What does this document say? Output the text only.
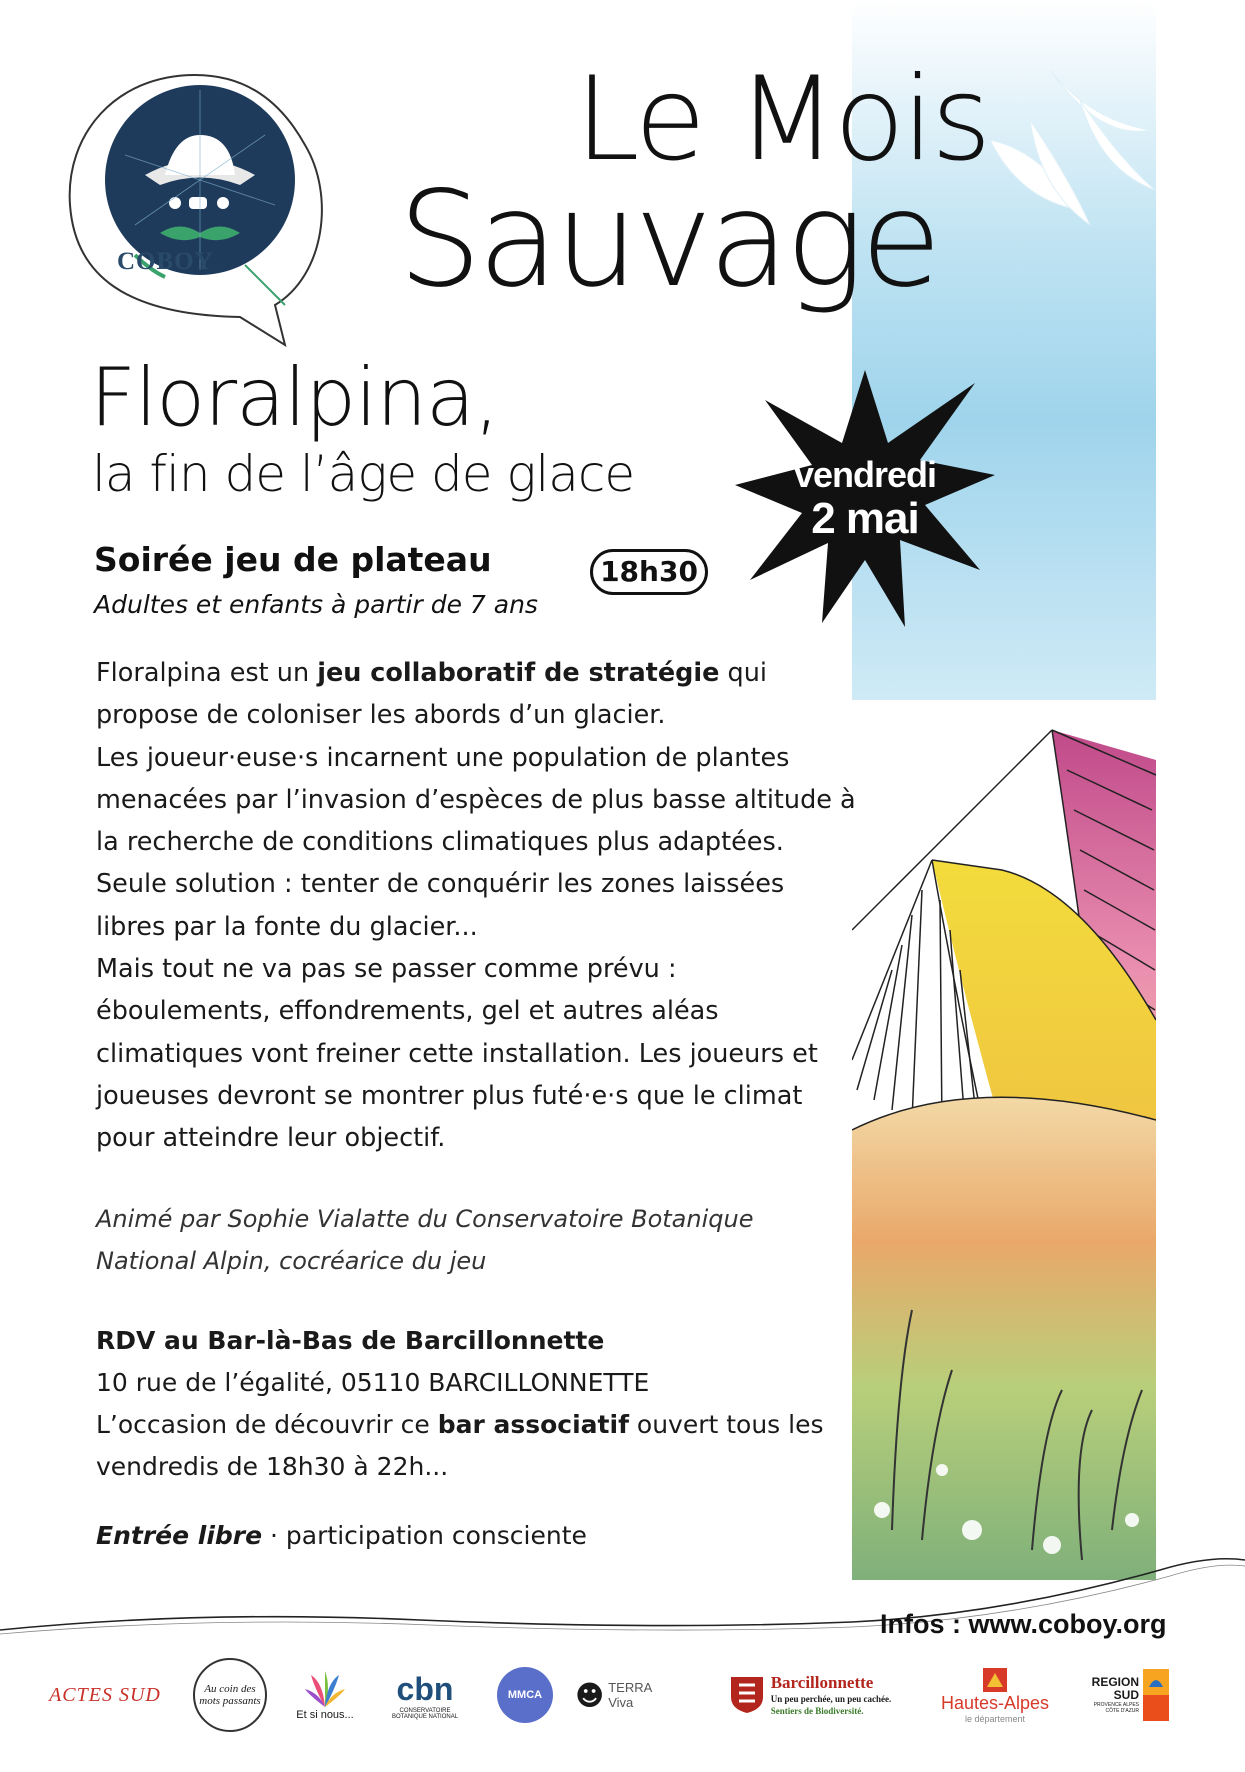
COBOY
Le Mois
Sauvage
Floralpina,
la fin de l’âge de glace	vendredi
2 mai
Soirée jeu de plateau	18h30
Adultes et enfants à partir de 7 ans

Floralpina est un jeu collaboratif de stratégie qui propose de coloniser les abords d’un glacier.

Les joueur·euse·s incarnent une population de plantes menacées par l’invasion d’espèces de plus basse altitude à la recherche de conditions climatiques plus adaptées. Seule solution : tenter de conquérir les zones laissées libres par la fonte du glacier...

Mais tout ne va pas se passer comme prévu : éboulements, effondrements, gel et autres aléas climatiques vont freiner cette installation. Les joueurs et joueuses devront se montrer plus futé·e·s que le climat pour atteindre leur objectif.

Animé par Sophie Vialatte du Conservatoire Botanique National Alpin, cocréarice du jeu
RDV au Bar-là-Bas de Barcillonnette
10 rue de l’égalité, 05110 BARCILLONNETTE
L’occasion de découvrir ce bar associatif ouvert tous les vendredis de 18h30 à 22h...
Entrée libre · participation consciente
Infos : www.coboy.org
ACTES SUD	Au coin des mots passants
Et si nous...
cbn
CONSERVATOIRE BOTANIQUE NATIONAL
MMCA	☻ TERRA Viva
Barcillonnette
Un peu perchée, un peu cachée.
Sentiers de Biodiversité.	Hautes-Alpes
le département
REGION SUD
PROVENCE ALPES CÔTE D'AZUR
